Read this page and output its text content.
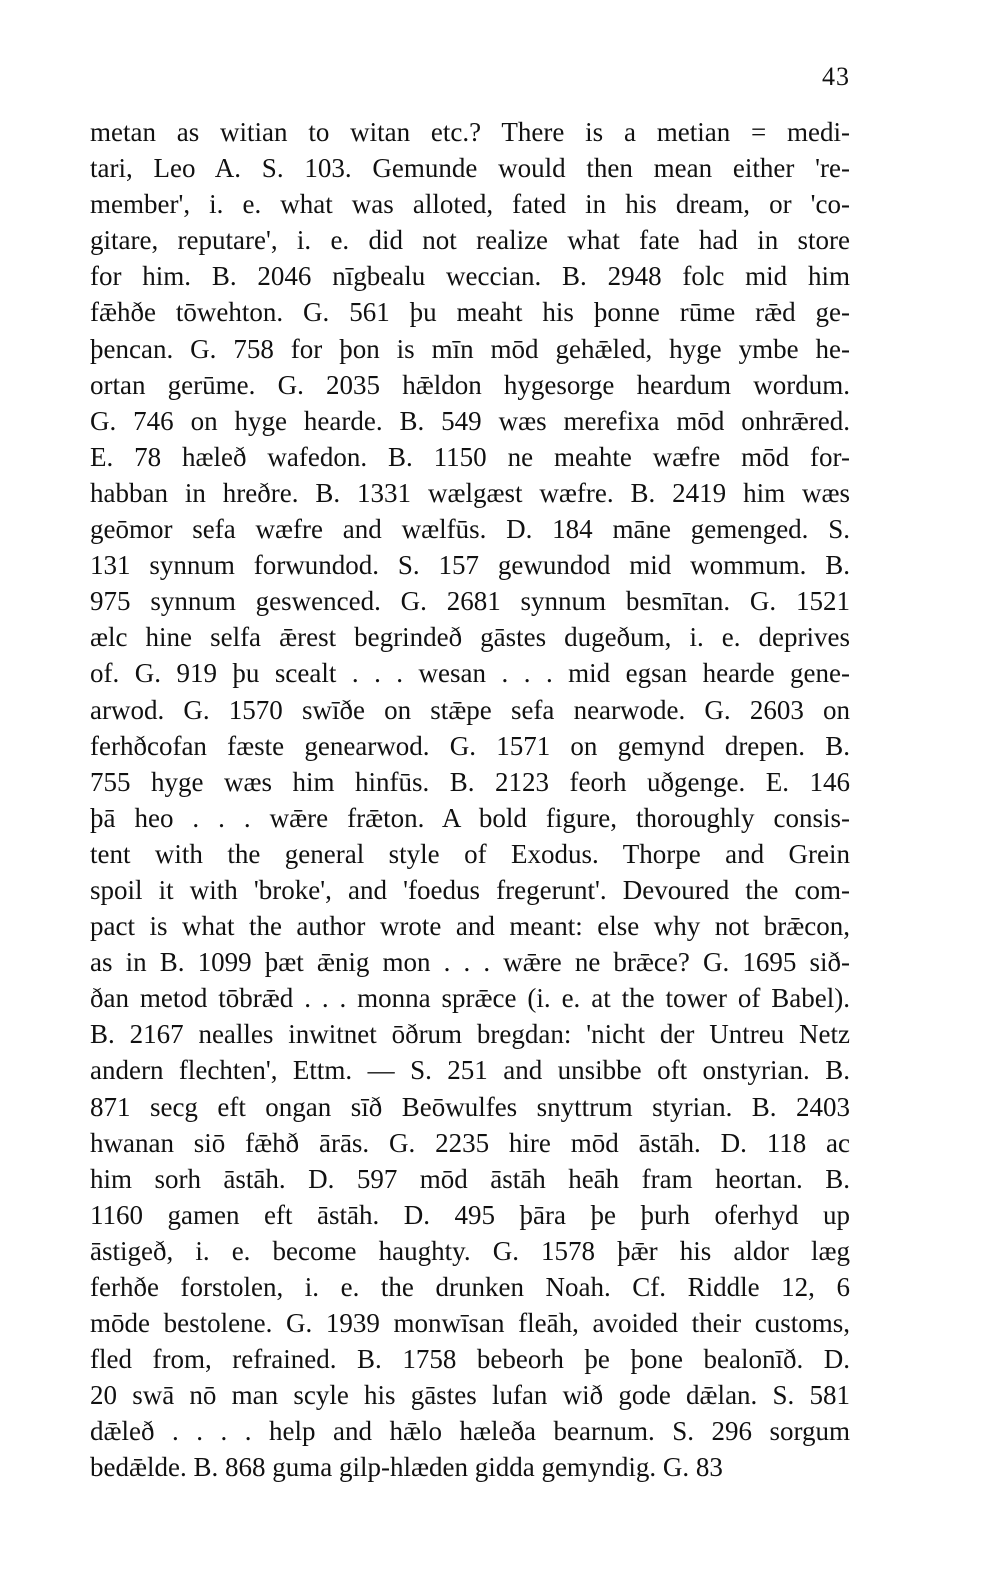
43
metan as witian to witan etc.? There is a metian = medi-
tari, Leo A. S. 103. Gemunde would then mean either 're-
member', i. e. what was alloted, fated in his dream, or 'co-
gitare, reputare', i. e. did not realize what fate had in store
for him. B. 2046 nīgbealu weccian. B. 2948 folc mid him
fǣhðe tōwehton. G. 561 þu meaht his þonne rūme rǣd ge-
þencan. G. 758 for þon is mīn mōd gehǣled, hyge ymbe he-
ortan gerūme. G. 2035 hǣldon hygesorge heardum wordum.
G. 746 on hyge hearde. B. 549 wæs merefixa mōd onhrǣred.
E. 78 hæleð wafedon. B. 1150 ne meahte wæfre mōd for-
habban in hreðre. B. 1331 wælgæst wæfre. B. 2419 him wæs
geōmor sefa wæfre and wælfūs. D. 184 māne gemenged. S.
131 synnum forwundod. S. 157 gewundod mid wommum. B.
975 synnum geswenced. G. 2681 synnum besmītan. G. 1521
ælc hine selfa ǣrest begrindeð gāstes dugeðum, i. e. deprives
of. G. 919 þu scealt . . . wesan . . . mid egsan hearde gene-
arwod. G. 1570 swīðe on stǣpe sefa nearwode. G. 2603 on
ferhðcofan fæste genearwod. G. 1571 on gemynd drepen. B.
755 hyge wæs him hinfūs. B. 2123 feorh uðgenge. E. 146
þā heo . . . wǣre frǣton. A bold figure, thoroughly consis-
tent with the general style of Exodus. Thorpe and Grein
spoil it with 'broke', and 'foedus fregerunt'. Devoured the com-
pact is what the author wrote and meant: else why not brǣcon,
as in B. 1099 þæt ǣnig mon . . . wǣre ne brǣce? G. 1695 sið-
ðan metod tōbrǣd . . . monna sprǣce (i. e. at the tower of Babel).
B. 2167 nealles inwitnet ōðrum bregdan: 'nicht der Untreu Netz
andern flechten', Ettm. — S. 251 and unsibbe oft onstyrian. B.
871 secg eft ongan sīð Beōwulfes snyttrum styrian. B. 2403
hwanan siō fǣhð ārās. G. 2235 hire mōd āstāh. D. 118 ac
him sorh āstāh. D. 597 mōd āstāh heāh fram heortan. B.
1160 gamen eft āstāh. D. 495 þāra þe þurh oferhyd up
āstigeð, i. e. become haughty. G. 1578 þǣr his aldor læg
ferhðe forstolen, i. e. the drunken Noah. Cf. Riddle 12, 6
mōde bestolene. G. 1939 monwīsan fleāh, avoided their customs,
fled from, refrained. B. 1758 bebeorh þe þone bealonīð. D.
20 swā nō man scyle his gāstes lufan wið gode dǣlan. S. 581
dǣleð . . . . help and hǣlo hæleða bearnum. S. 296 sorgum
bedǣlde. B. 868 guma gilp-hlæden gidda gemyndig. G. 83
